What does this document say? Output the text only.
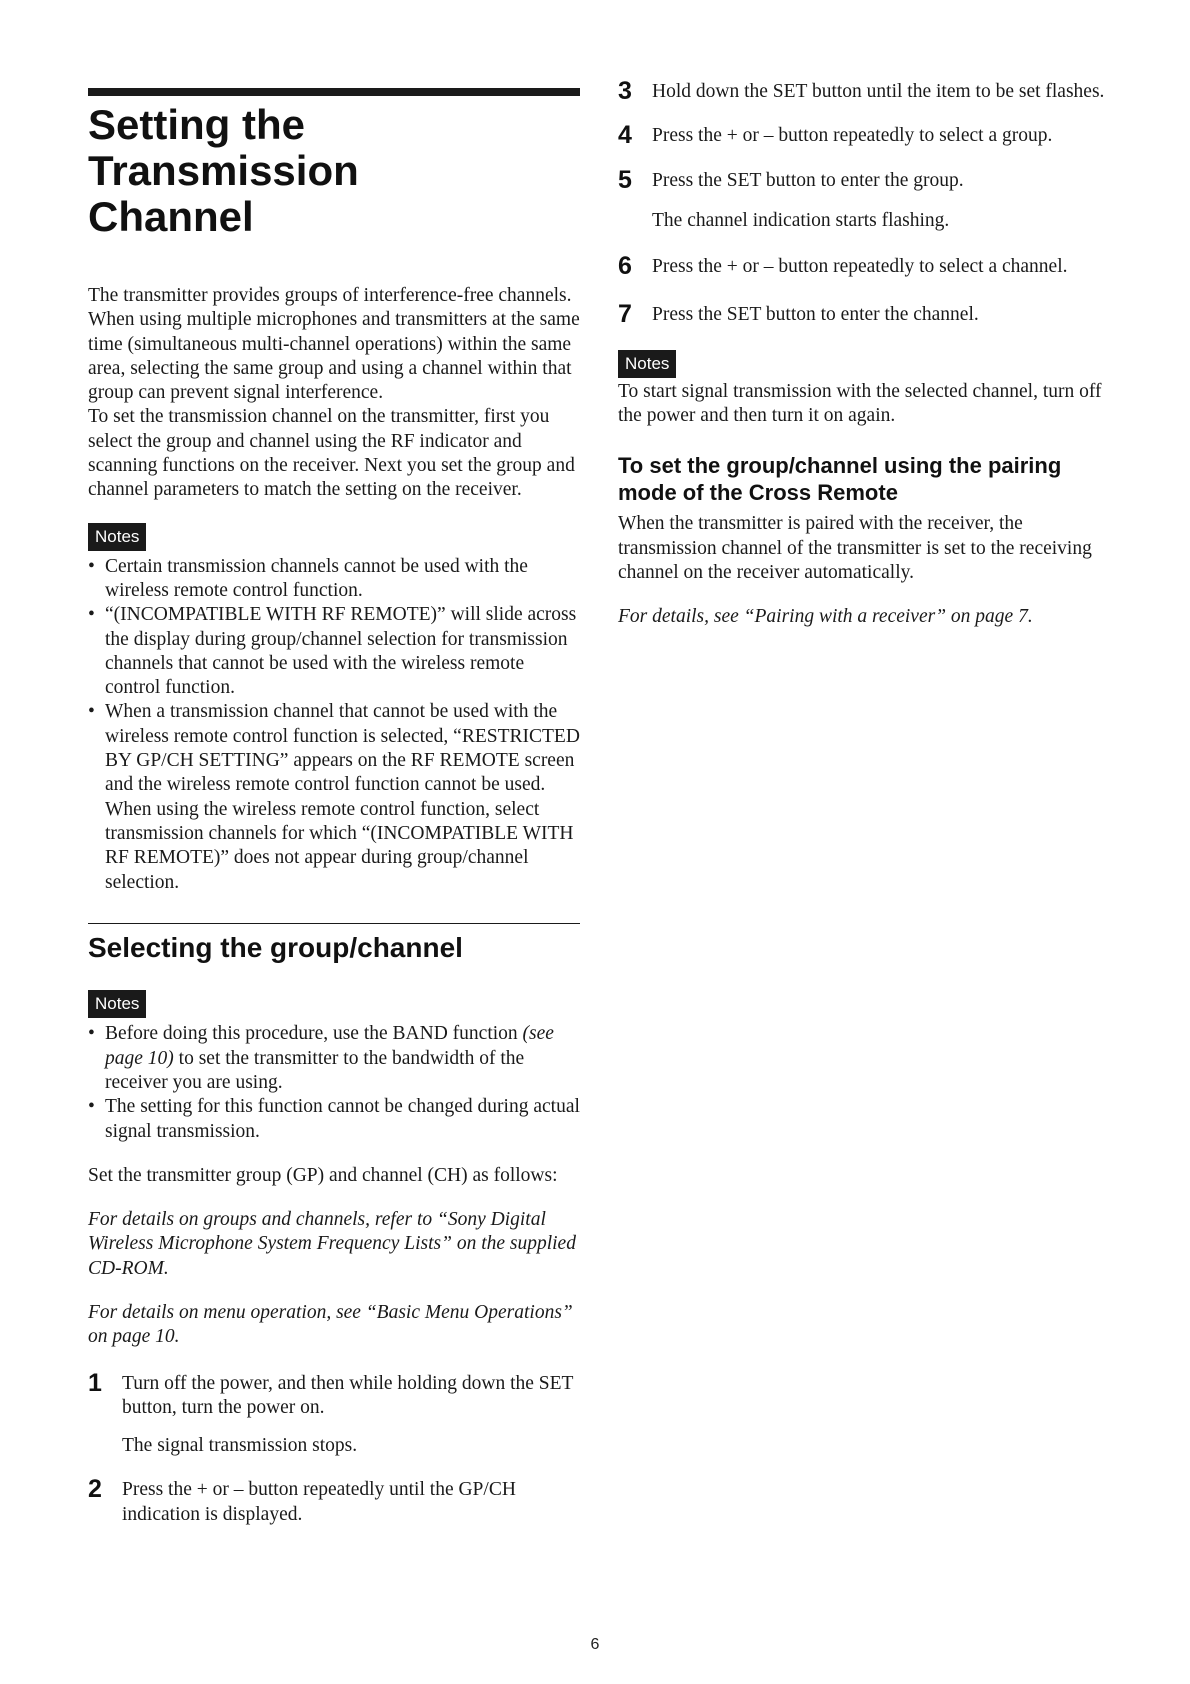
Setting the Transmission
Channel

The transmitter provides groups of interference-free channels. When using multiple microphones and transmitters at the same time (simultaneous multi-channel operations) within the same area, selecting the same group and using a channel within that group can prevent signal interference.

To set the transmission channel on the transmitter, first you select the group and channel using the RF indicator and scanning functions on the receiver. Next you set the group and channel parameters to match the setting on the receiver.

Notes
• Certain transmission channels cannot be used with the wireless remote control function.
• “(INCOMPATIBLE WITH RF REMOTE)” will slide across the display during group/channel selection for transmission channels that cannot be used with the wireless remote control function.
• When a transmission channel that cannot be used with the wireless remote control function is selected, “RESTRICTED BY GP/CH SETTING” appears on the RF REMOTE screen and the wireless remote control function cannot be used. When using the wireless remote control function, select transmission channels for which “(INCOMPATIBLE WITH RF REMOTE)” does not appear during group/channel selection.
Selecting the group/channel
Notes
• Before doing this procedure, use the BAND function (see page 10) to set the transmitter to the bandwidth of the receiver you are using.
• The setting for this function cannot be changed during actual signal transmission.

Set the transmitter group (GP) and channel (CH) as follows:

For details on groups and channels, refer to “Sony Digital Wireless Microphone System Frequency Lists” on the supplied CD-ROM.

For details on menu operation, see “Basic Menu Operations” on page 10.

1 Turn off the power, and then while holding down the SET button, turn the power on.

The signal transmission stops.

2 Press the + or – button repeatedly until the GP/CH indication is displayed.

3 Hold down the SET button until the item to be set flashes.

4 Press the + or – button repeatedly to select a group.

5 Press the SET button to enter the group.

The channel indication starts flashing.

6 Press the + or – button repeatedly to select a channel.

7 Press the SET button to enter the channel.

Notes

To start signal transmission with the selected channel, turn off the power and then turn it on again.

To set the group/channel using the pairing mode of the Cross Remote

When the transmitter is paired with the receiver, the transmission channel of the transmitter is set to the receiving channel on the receiver automatically.

For details, see “Pairing with a receiver” on page 7.

6
